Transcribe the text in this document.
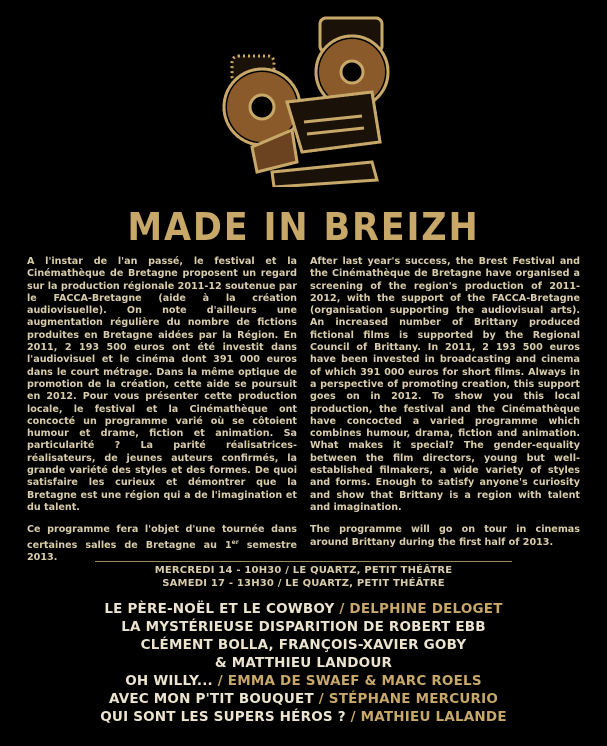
MADE IN BREIZH

A l'instar de l'an passé, le festival et la Cinémathèque de Bretagne proposent un regard sur la production régionale 2011-12 soutenue par le FACCA-Bretagne (aide à la création audiovisuelle). On note d'ailleurs une augmentation régulière du nombre de fictions produites en Bretagne aidées par la Région. En 2011, 2 193 500 euros ont été investit dans l'audiovisuel et le cinéma dont 391 000 euros dans le court métrage. Dans la même optique de promotion de la création, cette aide se poursuit en 2012. Pour vous présenter cette production locale, le festival et la Cinémathèque ont concocté un programme varié où se côtoient humour et drame, fiction et animation. Sa particularité ? La parité réalisatrices-réalisateurs, de jeunes auteurs confirmés, la grande variété des styles et des formes. De quoi satisfaire les curieux et démontrer que la Bretagne est une région qui a de l'imagination et du talent.

Ce programme fera l'objet d'une tournée dans certaines salles de Bretagne au 1er semestre 2013.

After last year's success, the Brest Festival and the Cinémathèque de Bretagne have organised a screening of the region's production of 2011-2012, with the support of the FACCA-Bretagne (organisation supporting the audiovisual arts). An increased number of Brittany produced fictional films is supported by the Regional Council of Brittany. In 2011, 2 193 500 euros have been invested in broadcasting and cinema of which 391 000 euros for short films. Always in a perspective of promoting creation, this support goes on in 2012. To show you this local production, the festival and the Cinémathèque have concocted a varied programme which combines humour, drama, fiction and animation. What makes it special? The gender-equality between the film directors, young but well-established filmakers, a wide variety of styles and forms. Enough to satisfy anyone's curiosity and show that Brittany is a region with talent and imagination.

The programme will go on tour in cinemas around Brittany during the first half of 2013.

MERCREDI 14 - 10H30 / LE QUARTZ, PETIT THÉÂTRE
SAMEDI 17 - 13H30 / LE QUARTZ, PETIT THÉÂTRE
LE PÈRE-NOËL ET LE COWBOY / DELPHINE DELOGET
LA MYSTÉRIEUSE DISPARITION DE ROBERT EBB
CLÉMENT BOLLA, FRANÇOIS-XAVIER GOBY
& MATTHIEU LANDOUR
OH WILLY... / EMMA DE SWAEF & MARC ROELS
AVEC MON P'TIT BOUQUET / STÉPHANE MERCURIO
QUI SONT LES SUPERS HÉROS ? / MATHIEU LALANDE
